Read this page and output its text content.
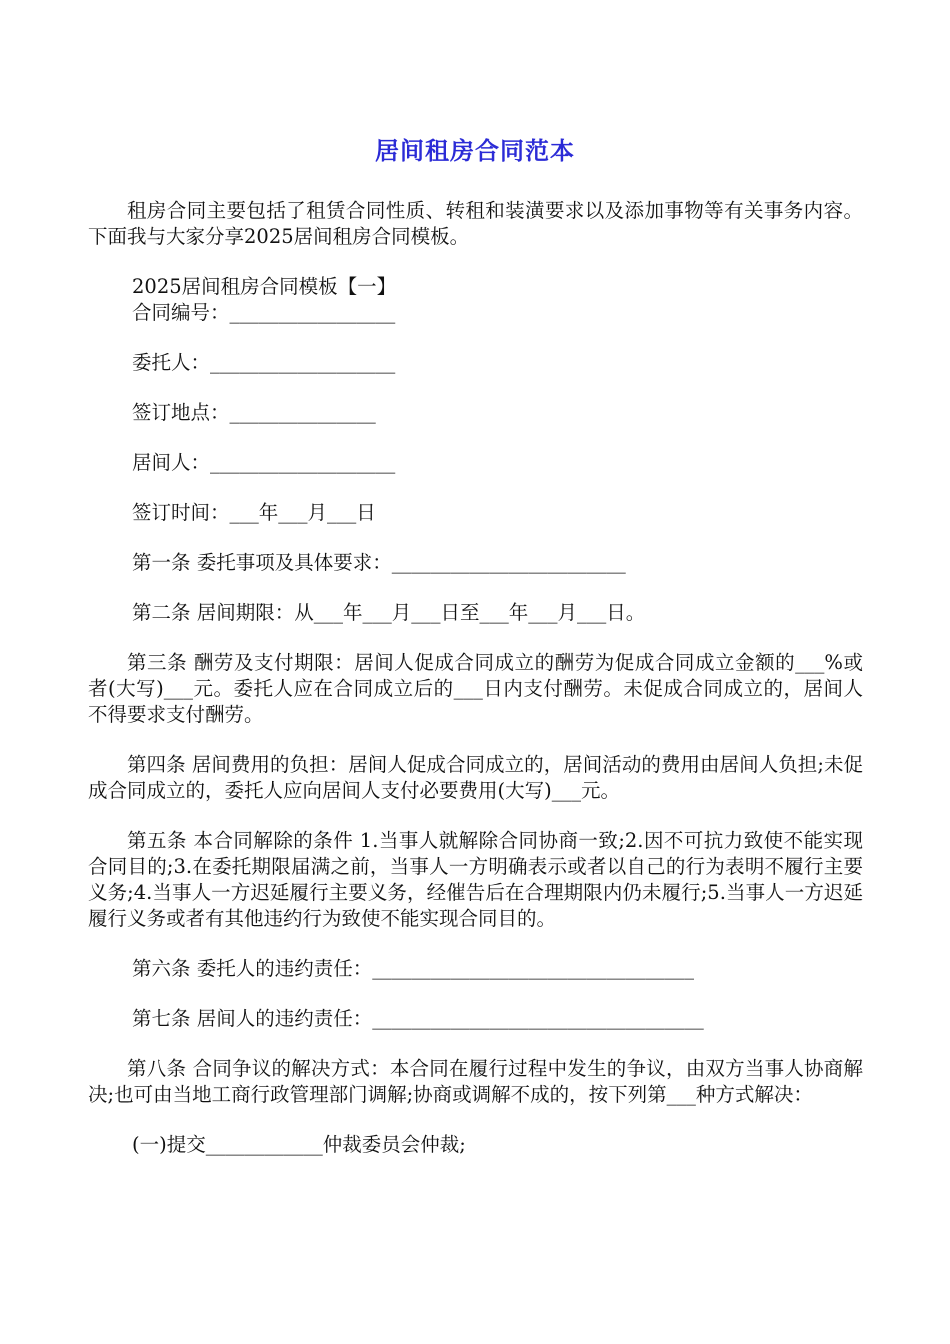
居间租房合同范本

租房合同主要包括了租赁合同性质、转租和装潢要求以及添加事物等有关事务内容。下面我与大家分享2025居间租房合同模板。

2025居间租房合同模板【一】

合同编号：_________________

委托人：___________________

签订地点：_______________

居间人：___________________

签订时间：___年___月___日

第一条 委托事项及具体要求：________________________

第二条 居间期限：从___年___月___日至___年___月___日。

第三条 酬劳及支付期限：居间人促成合同成立的酬劳为促成合同成立金额的___%或者(大写)___元。委托人应在合同成立后的___日内支付酬劳。未促成合同成立的，居间人不得要求支付酬劳。

第四条 居间费用的负担：居间人促成合同成立的，居间活动的费用由居间人负担;未促成合同成立的，委托人应向居间人支付必要费用(大写)___元。

第五条 本合同解除的条件 1.当事人就解除合同协商一致;2.因不可抗力致使不能实现合同目的;3.在委托期限届满之前，当事人一方明确表示或者以自己的行为表明不履行主要义务;4.当事人一方迟延履行主要义务，经催告后在合理期限内仍未履行;5.当事人一方迟延履行义务或者有其他违约行为致使不能实现合同目的。

第六条 委托人的违约责任：_________________________________

第七条 居间人的违约责任：__________________________________

第八条 合同争议的解决方式：本合同在履行过程中发生的争议，由双方当事人协商解决;也可由当地工商行政管理部门调解;协商或调解不成的，按下列第___种方式解决：

(一)提交____________仲裁委员会仲裁;
